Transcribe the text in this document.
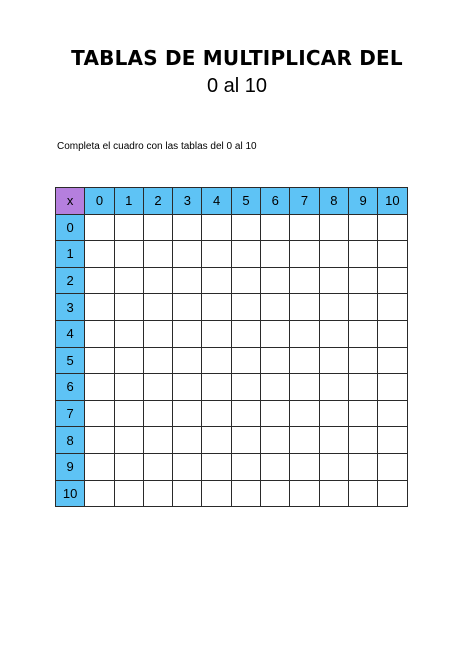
TABLAS DE MULTIPLICAR DEL
0 al 10
Completa el cuadro con las tablas del 0 al 10
x	0	1	2	3	4	5	6	7	8	9	10
0											
1											
2											
3											
4											
5											
6											
7											
8											
9											
10											
